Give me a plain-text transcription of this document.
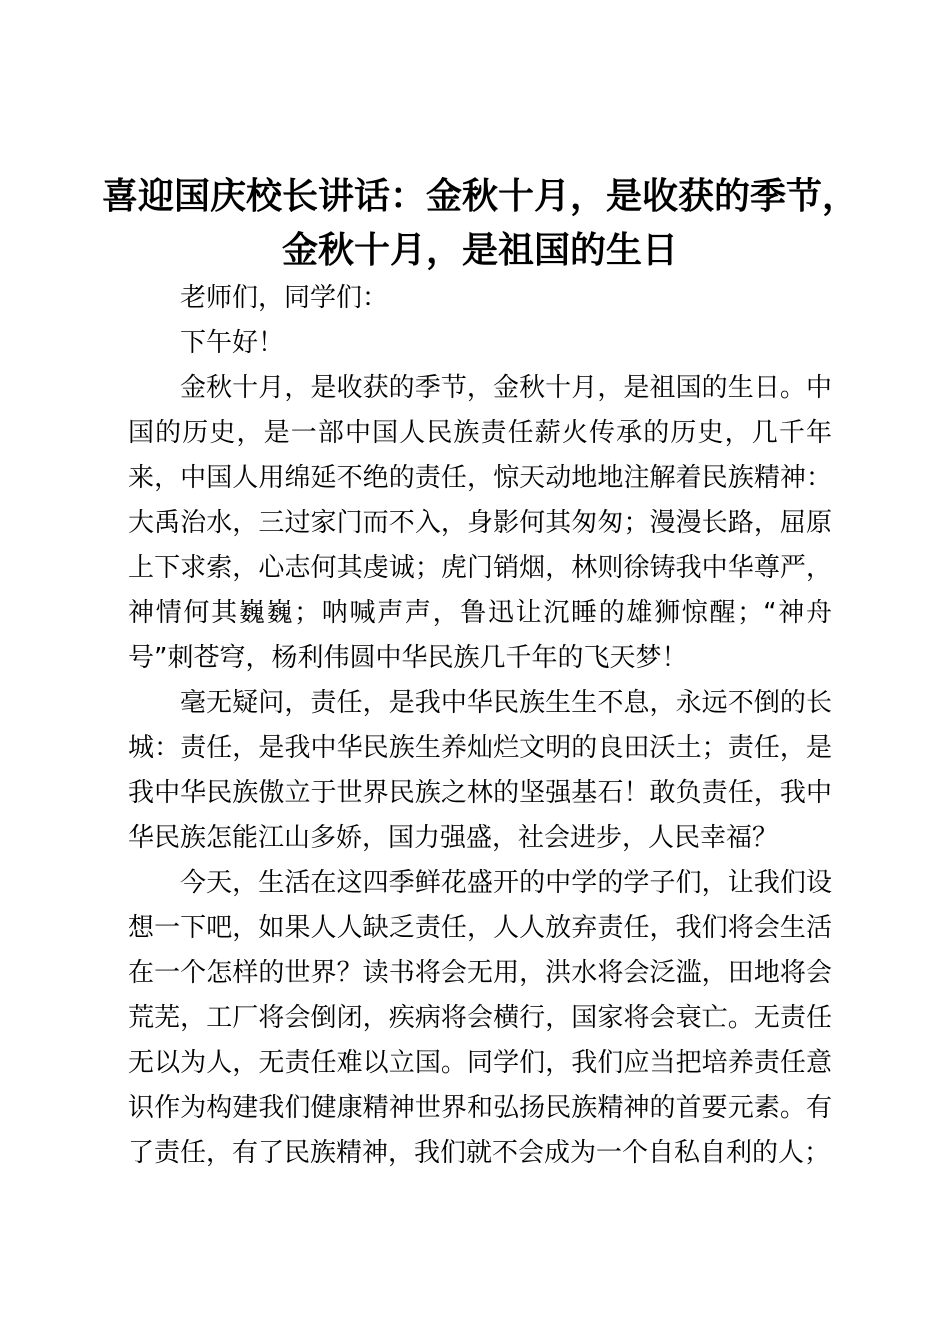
喜迎国庆校长讲话：金秋十月，是收获的季节，
金秋十月，是祖国的生日

老师们，同学们：

下午好！

金秋十月，是收获的季节，金秋十月，是祖国的生日。中国的历史，是一部中国人民族责任薪火传承的历史，几千年来，中国人用绵延不绝的责任，惊天动地地注解着民族精神：大禹治水，三过家门而不入，身影何其匆匆；漫漫长路，屈原上下求索，心志何其虔诚；虎门销烟，林则徐铸我中华尊严，神情何其巍巍；呐喊声声，鲁迅让沉睡的雄狮惊醒；“神舟号”刺苍穹，杨利伟圆中华民族几千年的飞天梦！

毫无疑问，责任，是我中华民族生生不息，永远不倒的长城：责任，是我中华民族生养灿烂文明的良田沃土；责任，是我中华民族傲立于世界民族之林的坚强基石！敢负责任，我中华民族怎能江山多娇，国力强盛，社会进步，人民幸福？

今天，生活在这四季鲜花盛开的中学的学子们，让我们设想一下吧，如果人人缺乏责任，人人放弃责任，我们将会生活在一个怎样的世界？读书将会无用，洪水将会泛滥，田地将会荒芜，工厂将会倒闭，疾病将会横行，国家将会衰亡。无责任无以为人，无责任难以立国。同学们，我们应当把培养责任意识作为构建我们健康精神世界和弘扬民族精神的首要元素。有了责任，有了民族精神，我们就不会成为一个自私自利的人；
